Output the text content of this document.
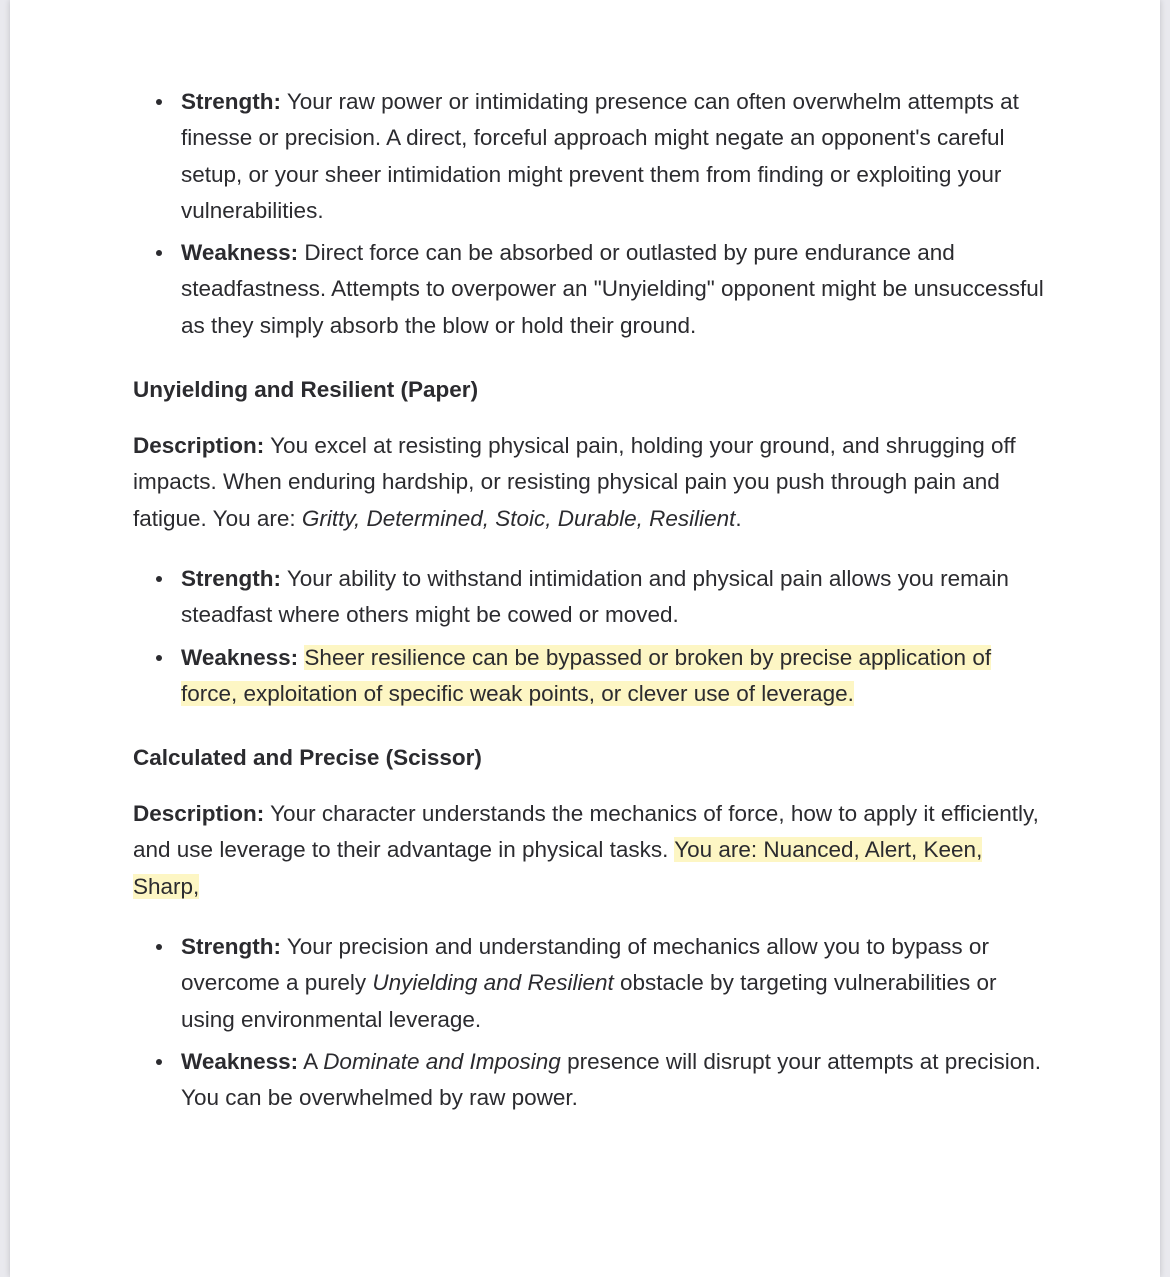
Strength: Your raw power or intimidating presence can often overwhelm attempts at finesse or precision. A direct, forceful approach might negate an opponent's careful setup, or your sheer intimidation might prevent them from finding or exploiting your vulnerabilities.
Weakness: Direct force can be absorbed or outlasted by pure endurance and steadfastness. Attempts to overpower an "Unyielding" opponent might be unsuccessful as they simply absorb the blow or hold their ground.
Unyielding and Resilient (Paper)

Description: You excel at resisting physical pain, holding your ground, and shrugging off impacts. When enduring hardship, or resisting physical pain you push through pain and fatigue. You are: Gritty, Determined, Stoic, Durable, Resilient.

Strength: Your ability to withstand intimidation and physical pain allows you remain steadfast where others might be cowed or moved.
Weakness: Sheer resilience can be bypassed or broken by precise application of force, exploitation of specific weak points, or clever use of leverage.
Calculated and Precise (Scissor)

Description: Your character understands the mechanics of force, how to apply it efficiently, and use leverage to their advantage in physical tasks. You are: Nuanced, Alert, Keen, Sharp,

Strength: Your precision and understanding of mechanics allow you to bypass or overcome a purely Unyielding and Resilient obstacle by targeting vulnerabilities or using environmental leverage.
Weakness: A Dominate and Imposing presence will disrupt your attempts at precision. You can be overwhelmed by raw power.
